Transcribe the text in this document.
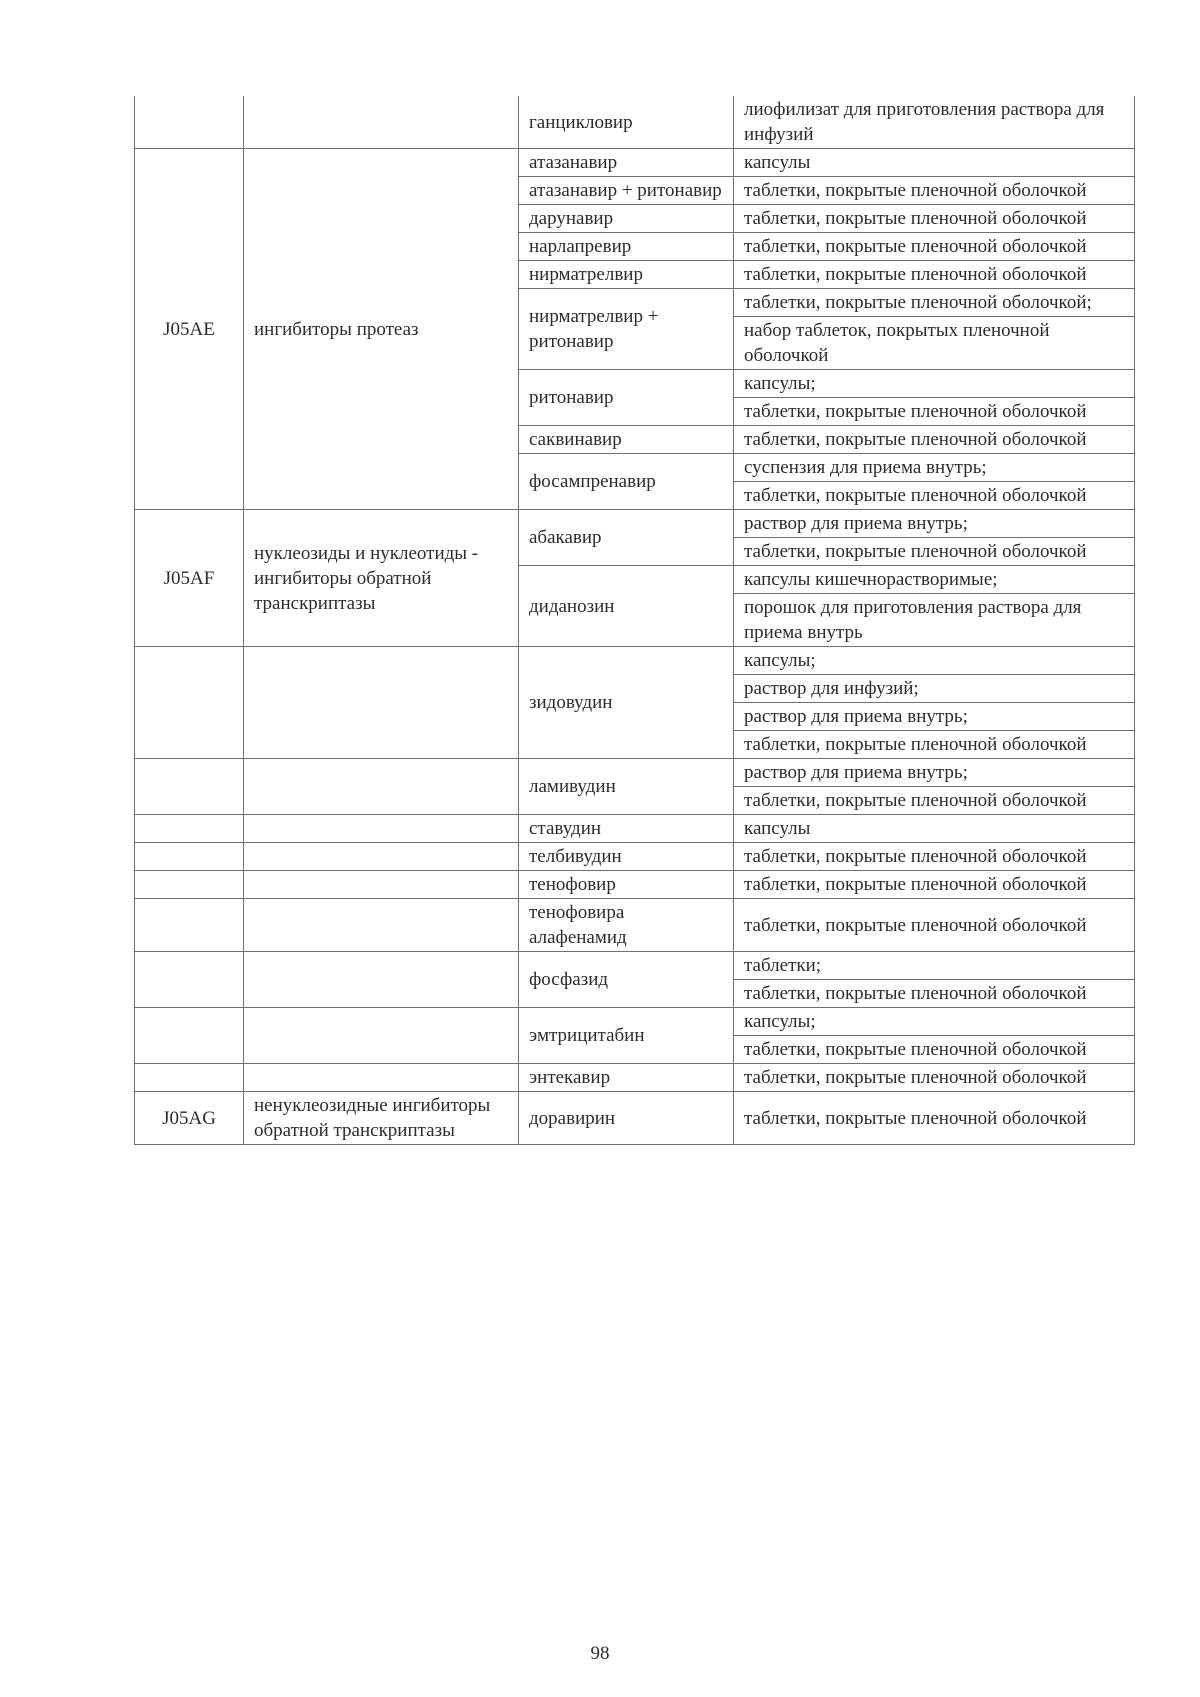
		ганцикловир	лиофилизат для приготовления раствора для инфузий
J05AE	ингибиторы протеаз	атазанавир	капсулы
		атазанавир + ритонавир	таблетки, покрытые пленочной оболочкой
		дарунавир	таблетки, покрытые пленочной оболочкой
		нарлапревир	таблетки, покрытые пленочной оболочкой
		нирматрелвир	таблетки, покрытые пленочной оболочкой
		нирматрелвир + ритонавир	таблетки, покрытые пленочной оболочкой;
			набор таблеток, покрытых пленочной оболочкой
		ритонавир	капсулы;
			таблетки, покрытые пленочной оболочкой
		саквинавир	таблетки, покрытые пленочной оболочкой
		фосампренавир	суспензия для приема внутрь;
			таблетки, покрытые пленочной оболочкой
J05AF	нуклеозиды и нуклеотиды - ингибиторы обратной транскриптазы	абакавир	раствор для приема внутрь;
			таблетки, покрытые пленочной оболочкой
		диданозин	капсулы кишечнорастворимые;
			порошок для приготовления раствора для приема внутрь
		зидовудин	капсулы;
			раствор для инфузий;
			раствор для приема внутрь;
			таблетки, покрытые пленочной оболочкой
		ламивудин	раствор для приема внутрь;
			таблетки, покрытые пленочной оболочкой
		ставудин	капсулы
		телбивудин	таблетки, покрытые пленочной оболочкой
		тенофовир	таблетки, покрытые пленочной оболочкой
		тенофовира алафенамид	таблетки, покрытые пленочной оболочкой
		фосфазид	таблетки;
			таблетки, покрытые пленочной оболочкой
		эмтрицитабин	капсулы;
			таблетки, покрытые пленочной оболочкой
		энтекавир	таблетки, покрытые пленочной оболочкой
J05AG	ненуклеозидные ингибиторы обратной транскриптазы	доравирин	таблетки, покрытые пленочной оболочкой
98
